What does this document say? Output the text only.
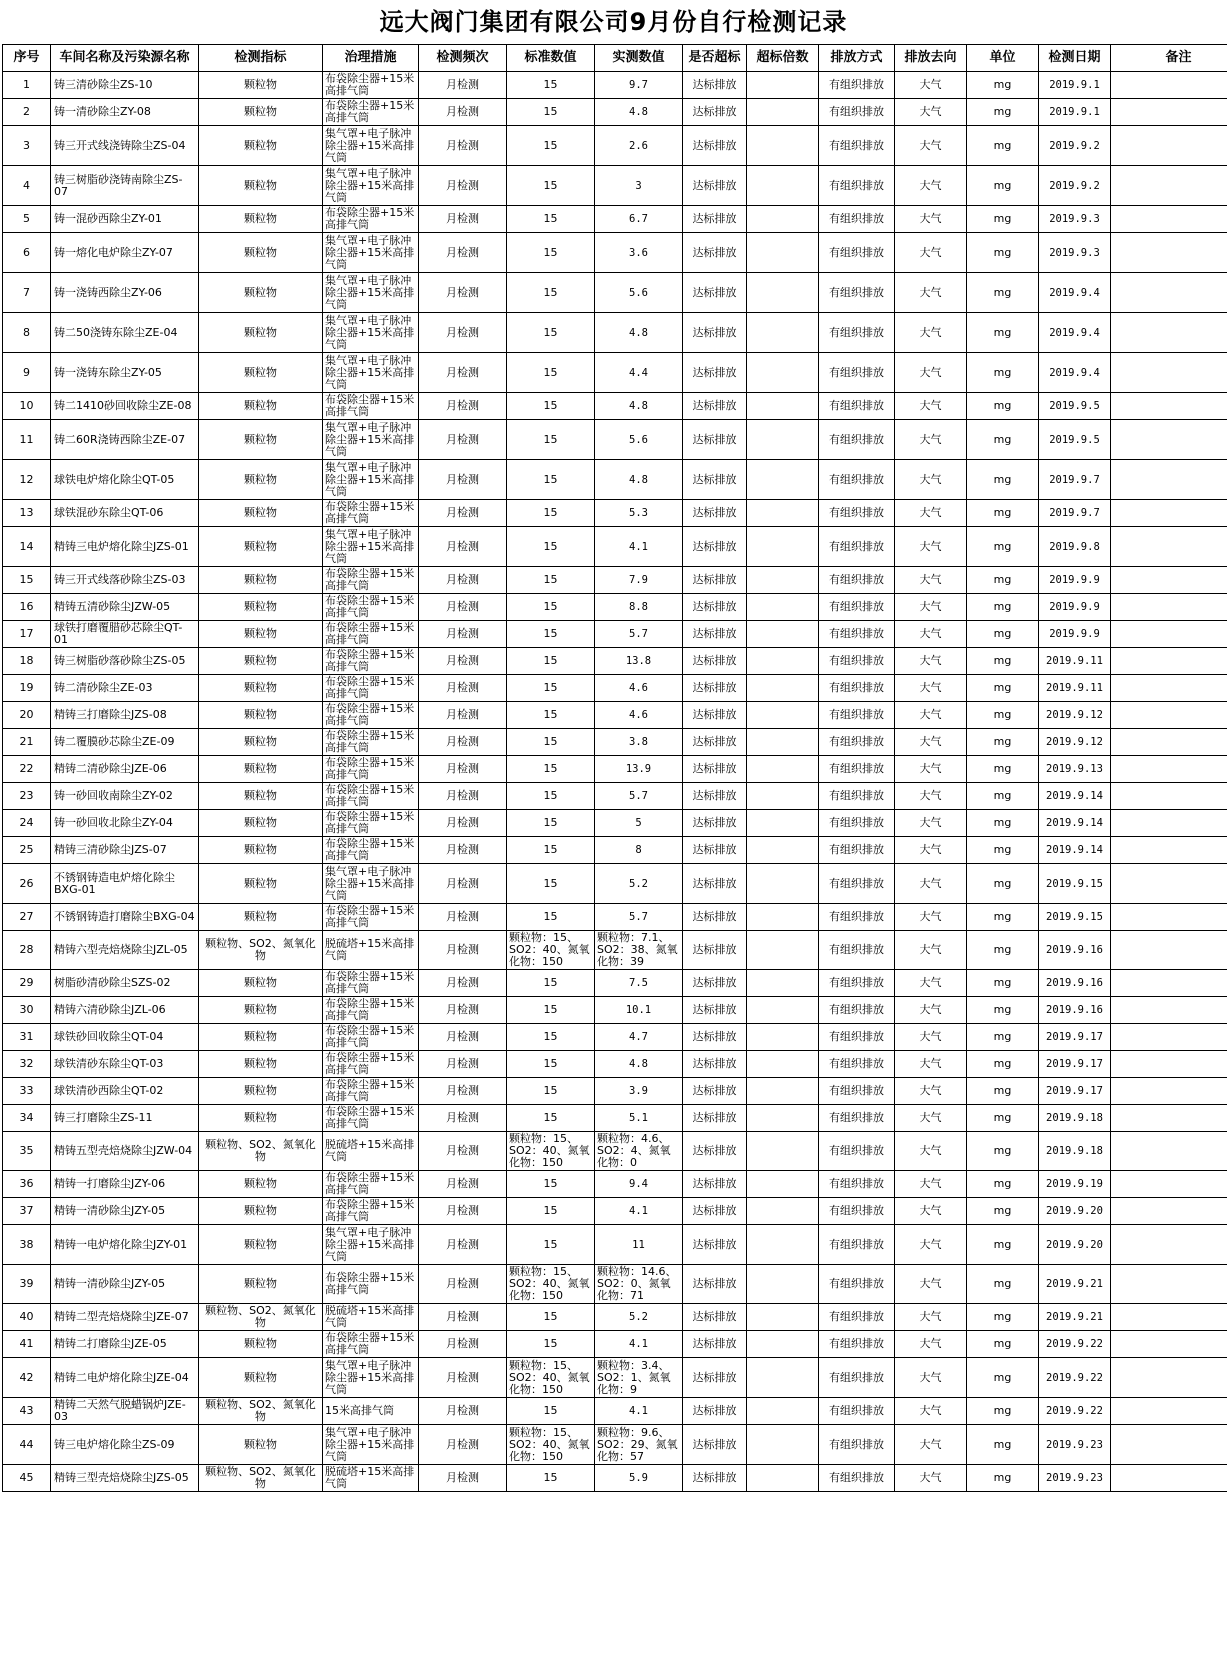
远大阀门集团有限公司9月份自行检测记录
序号	车间名称及污染源名称	检测指标	治理措施	检测频次	标准数值	实测数值	是否超标	超标倍数	排放方式	排放去向	单位	检测日期	备注
1	铸三清砂除尘ZS-10	颗粒物	布袋除尘器+15米高排气筒	月检测	15	9.7	达标排放		有组织排放	大气	mg	2019.9.1	
2	铸一清砂除尘ZY-08	颗粒物	布袋除尘器+15米高排气筒	月检测	15	4.8	达标排放		有组织排放	大气	mg	2019.9.1	
3	铸三开式线浇铸除尘ZS-04	颗粒物	集气罩+电子脉冲除尘器+15米高排气筒	月检测	15	2.6	达标排放		有组织排放	大气	mg	2019.9.2	
4	铸三树脂砂浇铸南除尘ZS-07	颗粒物	集气罩+电子脉冲除尘器+15米高排气筒	月检测	15	3	达标排放		有组织排放	大气	mg	2019.9.2	
5	铸一混砂西除尘ZY-01	颗粒物	布袋除尘器+15米高排气筒	月检测	15	6.7	达标排放		有组织排放	大气	mg	2019.9.3	
6	铸一熔化电炉除尘ZY-07	颗粒物	集气罩+电子脉冲除尘器+15米高排气筒	月检测	15	3.6	达标排放		有组织排放	大气	mg	2019.9.3	
7	铸一浇铸西除尘ZY-06	颗粒物	集气罩+电子脉冲除尘器+15米高排气筒	月检测	15	5.6	达标排放		有组织排放	大气	mg	2019.9.4	
8	铸二50浇铸东除尘ZE-04	颗粒物	集气罩+电子脉冲除尘器+15米高排气筒	月检测	15	4.8	达标排放		有组织排放	大气	mg	2019.9.4	
9	铸一浇铸东除尘ZY-05	颗粒物	集气罩+电子脉冲除尘器+15米高排气筒	月检测	15	4.4	达标排放		有组织排放	大气	mg	2019.9.4	
10	铸二1410砂回收除尘ZE-08	颗粒物	布袋除尘器+15米高排气筒	月检测	15	4.8	达标排放		有组织排放	大气	mg	2019.9.5	
11	铸二60R浇铸西除尘ZE-07	颗粒物	集气罩+电子脉冲除尘器+15米高排气筒	月检测	15	5.6	达标排放		有组织排放	大气	mg	2019.9.5	
12	球铁电炉熔化除尘QT-05	颗粒物	集气罩+电子脉冲除尘器+15米高排气筒	月检测	15	4.8	达标排放		有组织排放	大气	mg	2019.9.7	
13	球铁混砂东除尘QT-06	颗粒物	布袋除尘器+15米高排气筒	月检测	15	5.3	达标排放		有组织排放	大气	mg	2019.9.7	
14	精铸三电炉熔化除尘JZS-01	颗粒物	集气罩+电子脉冲除尘器+15米高排气筒	月检测	15	4.1	达标排放		有组织排放	大气	mg	2019.9.8	
15	铸三开式线落砂除尘ZS-03	颗粒物	布袋除尘器+15米高排气筒	月检测	15	7.9	达标排放		有组织排放	大气	mg	2019.9.9	
16	精铸五清砂除尘JZW-05	颗粒物	布袋除尘器+15米高排气筒	月检测	15	8.8	达标排放		有组织排放	大气	mg	2019.9.9	
17	球铁打磨覆腊砂芯除尘QT-01	颗粒物	布袋除尘器+15米高排气筒	月检测	15	5.7	达标排放		有组织排放	大气	mg	2019.9.9	
18	铸三树脂砂落砂除尘ZS-05	颗粒物	布袋除尘器+15米高排气筒	月检测	15	13.8	达标排放		有组织排放	大气	mg	2019.9.11	
19	铸二清砂除尘ZE-03	颗粒物	布袋除尘器+15米高排气筒	月检测	15	4.6	达标排放		有组织排放	大气	mg	2019.9.11	
20	精铸三打磨除尘JZS-08	颗粒物	布袋除尘器+15米高排气筒	月检测	15	4.6	达标排放		有组织排放	大气	mg	2019.9.12	
21	铸二覆膜砂芯除尘ZE-09	颗粒物	布袋除尘器+15米高排气筒	月检测	15	3.8	达标排放		有组织排放	大气	mg	2019.9.12	
22	精铸二清砂除尘JZE-06	颗粒物	布袋除尘器+15米高排气筒	月检测	15	13.9	达标排放		有组织排放	大气	mg	2019.9.13	
23	铸一砂回收南除尘ZY-02	颗粒物	布袋除尘器+15米高排气筒	月检测	15	5.7	达标排放		有组织排放	大气	mg	2019.9.14	
24	铸一砂回收北除尘ZY-04	颗粒物	布袋除尘器+15米高排气筒	月检测	15	5	达标排放		有组织排放	大气	mg	2019.9.14	
25	精铸三清砂除尘JZS-07	颗粒物	布袋除尘器+15米高排气筒	月检测	15	8	达标排放		有组织排放	大气	mg	2019.9.14	
26	不锈钢铸造电炉熔化除尘BXG-01	颗粒物	集气罩+电子脉冲除尘器+15米高排气筒	月检测	15	5.2	达标排放		有组织排放	大气	mg	2019.9.15	
27	不锈钢铸造打磨除尘BXG-04	颗粒物	布袋除尘器+15米高排气筒	月检测	15	5.7	达标排放		有组织排放	大气	mg	2019.9.15	
28	精铸六型壳焙烧除尘JZL-05	颗粒物、SO2、氮氧化物	脱硫塔+15米高排气筒	月检测	颗粒物：15、SO2：40、氮氧化物：150	颗粒物：7.1、SO2：38、氮氧化物：39	达标排放		有组织排放	大气	mg	2019.9.16	
29	树脂砂清砂除尘SZS-02	颗粒物	布袋除尘器+15米高排气筒	月检测	15	7.5	达标排放		有组织排放	大气	mg	2019.9.16	
30	精铸六清砂除尘JZL-06	颗粒物	布袋除尘器+15米高排气筒	月检测	15	10.1	达标排放		有组织排放	大气	mg	2019.9.16	
31	球铁砂回收除尘QT-04	颗粒物	布袋除尘器+15米高排气筒	月检测	15	4.7	达标排放		有组织排放	大气	mg	2019.9.17	
32	球铁清砂东除尘QT-03	颗粒物	布袋除尘器+15米高排气筒	月检测	15	4.8	达标排放		有组织排放	大气	mg	2019.9.17	
33	球铁清砂西除尘QT-02	颗粒物	布袋除尘器+15米高排气筒	月检测	15	3.9	达标排放		有组织排放	大气	mg	2019.9.17	
34	铸三打磨除尘ZS-11	颗粒物	布袋除尘器+15米高排气筒	月检测	15	5.1	达标排放		有组织排放	大气	mg	2019.9.18	
35	精铸五型壳焙烧除尘JZW-04	颗粒物、SO2、氮氧化物	脱硫塔+15米高排气筒	月检测	颗粒物：15、SO2：40、氮氧化物：150	颗粒物：4.6、SO2：4、氮氧化物：0	达标排放		有组织排放	大气	mg	2019.9.18	
36	精铸一打磨除尘JZY-06	颗粒物	布袋除尘器+15米高排气筒	月检测	15	9.4	达标排放		有组织排放	大气	mg	2019.9.19	
37	精铸一清砂除尘JZY-05	颗粒物	布袋除尘器+15米高排气筒	月检测	15	4.1	达标排放		有组织排放	大气	mg	2019.9.20	
38	精铸一电炉熔化除尘JZY-01	颗粒物	集气罩+电子脉冲除尘器+15米高排气筒	月检测	15	11	达标排放		有组织排放	大气	mg	2019.9.20	
39	精铸一清砂除尘JZY-05	颗粒物	布袋除尘器+15米高排气筒	月检测	颗粒物：15、SO2：40、氮氧化物：150	颗粒物：14.6、SO2：0、氮氧化物：71	达标排放		有组织排放	大气	mg	2019.9.21	
40	精铸二型壳焙烧除尘JZE-07	颗粒物、SO2、氮氧化物	脱硫塔+15米高排气筒	月检测	15	5.2	达标排放		有组织排放	大气	mg	2019.9.21	
41	精铸二打磨除尘JZE-05	颗粒物	布袋除尘器+15米高排气筒	月检测	15	4.1	达标排放		有组织排放	大气	mg	2019.9.22	
42	精铸二电炉熔化除尘JZE-04	颗粒物	集气罩+电子脉冲除尘器+15米高排气筒	月检测	颗粒物：15、SO2：40、氮氧化物：150	颗粒物：3.4、SO2：1、氮氧化物：9	达标排放		有组织排放	大气	mg	2019.9.22	
43	精铸二天然气脱蜡锅炉JZE-03	颗粒物、SO2、氮氧化物	15米高排气筒	月检测	15	4.1	达标排放		有组织排放	大气	mg	2019.9.22	
44	铸三电炉熔化除尘ZS-09	颗粒物	集气罩+电子脉冲除尘器+15米高排气筒	月检测	颗粒物：15、SO2：40、氮氧化物：150	颗粒物：9.6、SO2：29、氮氧化物：57	达标排放		有组织排放	大气	mg	2019.9.23	
45	精铸三型壳焙烧除尘JZS-05	颗粒物、SO2、氮氧化物	脱硫塔+15米高排气筒	月检测	15	5.9	达标排放		有组织排放	大气	mg	2019.9.23	
